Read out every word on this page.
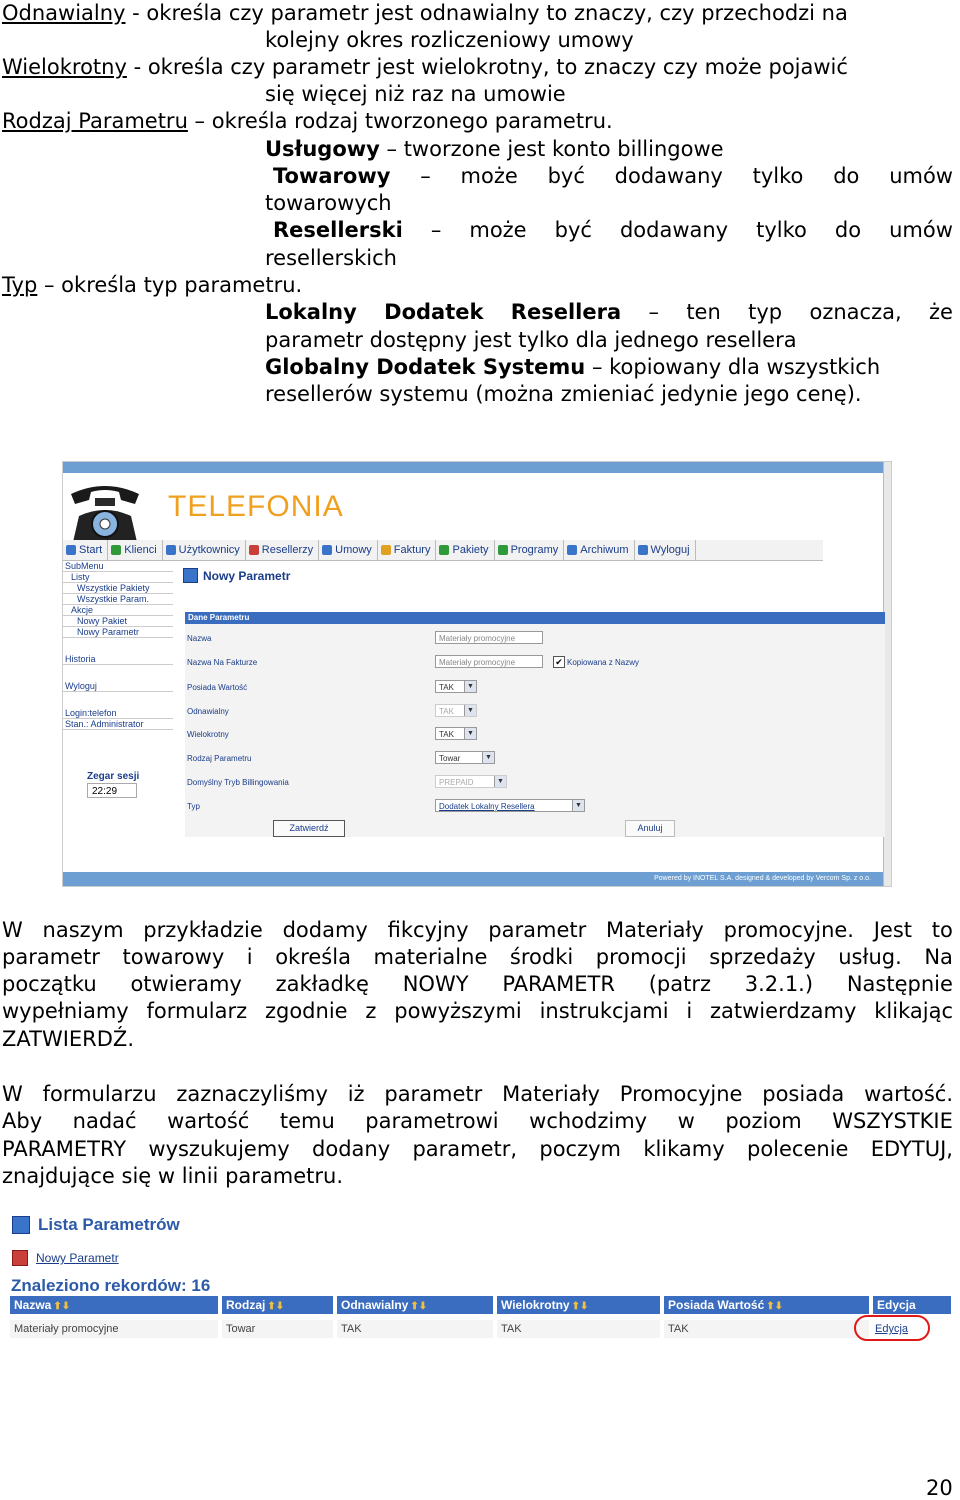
Odnawialny - określa czy parametr jest odnawialny to znaczy, czy przechodzi na
kolejny okres rozliczeniowy umowy
Wielokrotny - określa czy parametr jest wielokrotny, to znaczy czy może pojawić
się więcej niż raz na umowie
Rodzaj Parametru – określa rodzaj tworzonego parametru.
Usługowy – tworzone jest konto billingowe
Towarowy – może być dodawany tylko do umów
towarowych
Resellerski – może być dodawany tylko do umów
resellerskich
Typ – określa typ parametru.
Lokalny Dodatek Resellera – ten typ oznacza, że
parametr dostępny jest tylko dla jednego resellera
Globalny Dodatek Systemu – kopiowany dla wszystkich
resellerów systemu (można zmieniać jedynie jego cenę).
TELEFONIA
Start Klienci Użytkownicy Resellerzy Umowy Faktury Pakiety Programy Archiwum Wyloguj
SubMenu
Listy
Wszystkie Pakiety
Wszystkie Param.
Akcje
Nowy Pakiet
Nowy Parametr
Historia
Wyloguj
Login:telefon
Stan.: Administrator
Zegar sesji
22:29
Nowy Parametr
Dane Parametru
Nazwa	Materiały promocyjne
Nazwa Na Fakturze	Materiały promocyjne	✔ Kopiowana z Nazwy
Posiada Wartość	TAK	▼
Odnawialny	TAK	▼
Wielokrotny	TAK	▼
Rodzaj Parametru	Towar	▼
Domyślny Tryb Billingowania	PREPAID	▼
Typ	Dodatek Lokalny Resellera	▼
Zatwierdź	Anuluj
Powered by INOTEL S.A. designed & developed by Vercom Sp. z o.o.
W naszym przykładzie dodamy fikcyjny parametr Materiały promocyjne. Jest to
parametr towarowy i określa materialne środki promocji sprzedaży usług. Na
początku otwieramy zakładkę NOWY PARAMETR (patrz 3.2.1.) Następnie
wypełniamy formularz zgodnie z powyższymi instrukcjami i zatwierdzamy klikając
ZATWIERDŹ.
W formularzu zaznaczyliśmy iż parametr Materiały Promocyjne posiada wartość.
Aby nadać wartość temu parametrowi wchodzimy w poziom WSZYSTKIE
PARAMETRY wyszukujemy dodany parametr, poczym klikamy polecenie EDYTUJ,
znajdujące się w linii parametru.
Lista Parametrów
Nowy Parametr
Znaleziono rekordów: 16
Nazwa ⬆⬇	Rodzaj ⬆⬇	Odnawialny ⬆⬇	Wielokrotny ⬆⬇	Posiada Wartość ⬆⬇	Edycja
Materiały promocyjne	Towar	TAK	TAK	TAK	Edycja
20
